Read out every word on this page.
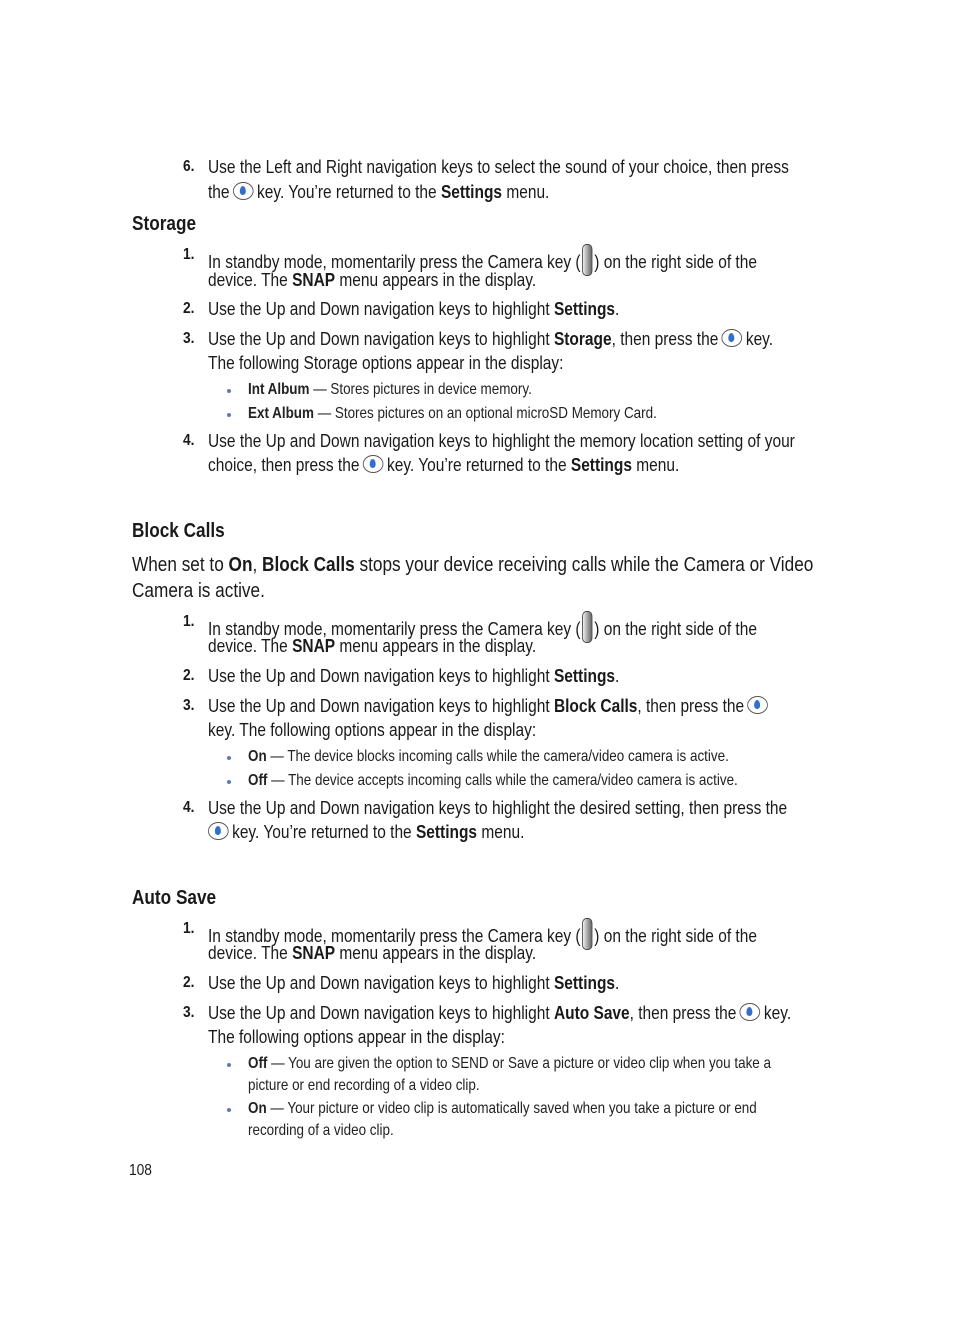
6. Use the Left and Right navigation keys to select the sound of your choice, then press
the key. You’re returned to the Settings menu.
Storage
1. In standby mode, momentarily press the Camera key ( ) on the right side of the
device. The SNAP menu appears in the display.
2. Use the Up and Down navigation keys to highlight Settings.
3. Use the Up and Down navigation keys to highlight Storage, then press the key.
The following Storage options appear in the display:
Int Album — Stores pictures in device memory.
Ext Album — Stores pictures on an optional microSD Memory Card.
4. Use the Up and Down navigation keys to highlight the memory location setting of your
choice, then press the key. You’re returned to the Settings menu.
Block Calls
When set to On, Block Calls stops your device receiving calls while the Camera or Video
Camera is active.
1. In standby mode, momentarily press the Camera key ( ) on the right side of the
device. The SNAP menu appears in the display.
2. Use the Up and Down navigation keys to highlight Settings.
3. Use the Up and Down navigation keys to highlight Block Calls, then press the
key. The following options appear in the display:
On — The device blocks incoming calls while the camera/video camera is active.
Off — The device accepts incoming calls while the camera/video camera is active.
4. Use the Up and Down navigation keys to highlight the desired setting, then press the
key. You’re returned to the Settings menu.
Auto Save
1. In standby mode, momentarily press the Camera key ( ) on the right side of the
device. The SNAP menu appears in the display.
2. Use the Up and Down navigation keys to highlight Settings.
3. Use the Up and Down navigation keys to highlight Auto Save, then press the key.
The following options appear in the display:
Off — You are given the option to SEND or Save a picture or video clip when you take a
picture or end recording of a video clip.
On — Your picture or video clip is automatically saved when you take a picture or end
recording of a video clip.
108
